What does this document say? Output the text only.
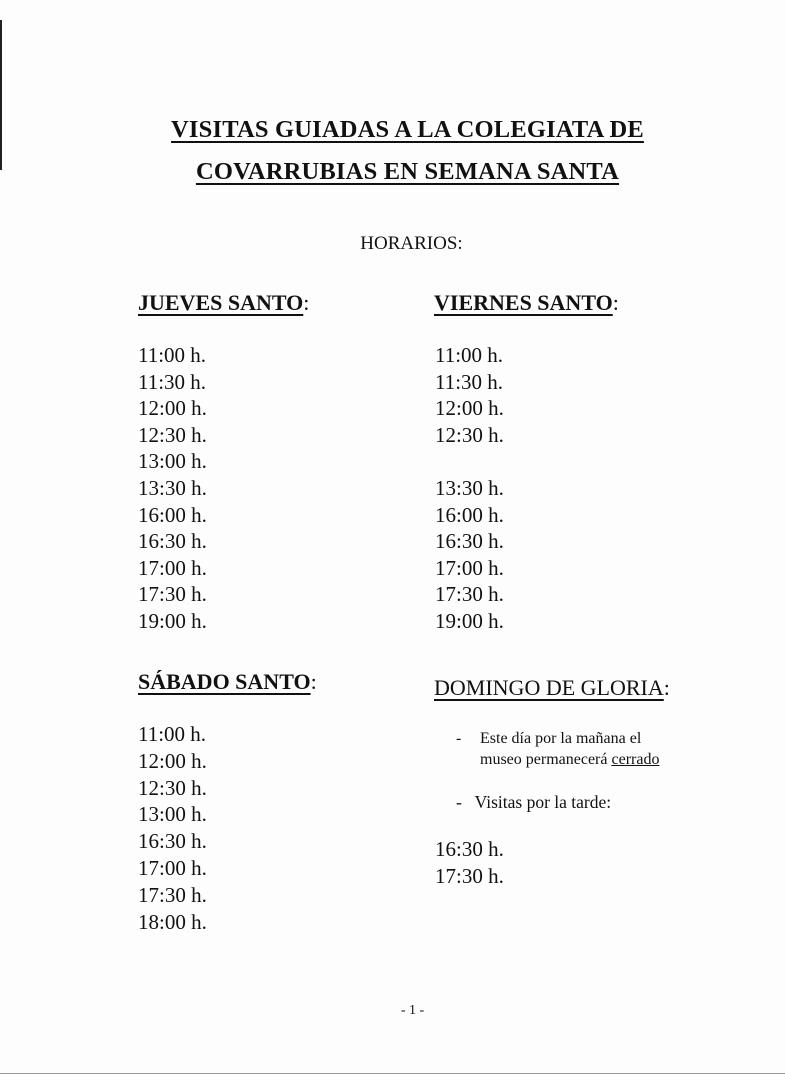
VISITAS GUIADAS A LA COLEGIATA DE
COVARRUBIAS EN SEMANA SANTA
HORARIOS:
JUEVES SANTO:
11:00 h.
11:30 h.
12:00 h.
12:30 h.
13:00 h.
13:30 h.
16:00 h.
16:30 h.
17:00 h.
17:30 h.
19:00 h.
VIERNES SANTO:
11:00 h.
11:30 h.
12:00 h.
12:30 h.
13:30 h.
16:00 h.
16:30 h.
17:00 h.
17:30 h.
19:00 h.
SÁBADO SANTO:
11:00 h.
12:00 h.
12:30 h.
13:00 h.
16:30 h.
17:00 h.
17:30 h.
18:00 h.
DOMINGO DE GLORIA:
- Este día por la mañana el
museo permanecerá cerrado
- Visitas por la tarde:
16:30 h.
17:30 h.
- 1 -
